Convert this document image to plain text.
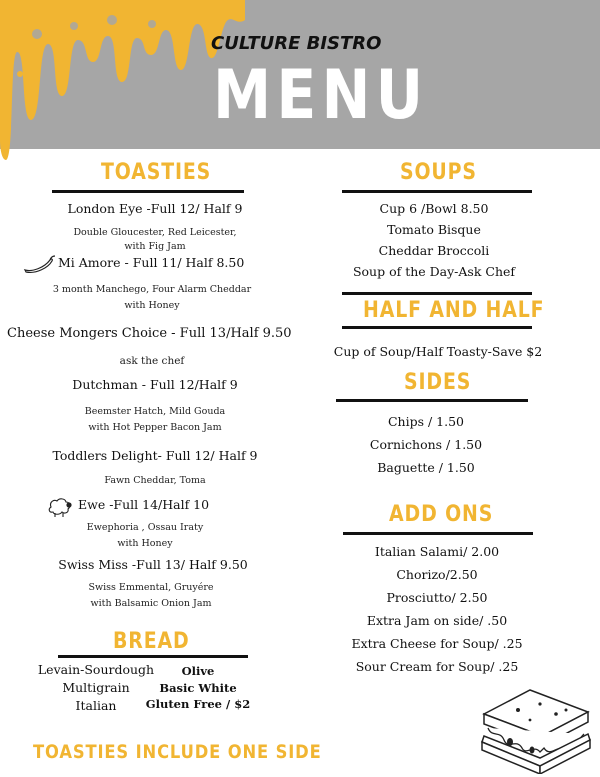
CULTURE BISTRO
MENU
TOASTIES
London Eye -Full 12/ Half 9
Double Gloucester, Red Leicester,
with Fig Jam
Mi Amore - Full 11/ Half 8.50
3 month Manchego, Four Alarm Cheddar
with Honey
Cheese Mongers Choice - Full 13/Half 9.50
ask the chef
Dutchman - Full 12/Half 9
Beemster Hatch, Mild Gouda
with Hot Pepper Bacon Jam
Toddlers Delight- Full 12/ Half 9
Fawn Cheddar, Toma
Ewe -Full 14/Half 10
Ewephoria , Ossau Iraty
with Honey
Swiss Miss -Full 13/ Half 9.50
Swiss Emmental, Gruyére
with Balsamic Onion Jam
BREAD
Levain-Sourdough
Multigrain
Italian
Olive
Basic White
Gluten Free / $2
TOASTIES INCLUDE ONE SIDE
SOUPS
Cup 6 /Bowl 8.50
Tomato Bisque
Cheddar Broccoli
Soup of the Day-Ask Chef
HALF AND HALF
Cup of Soup/Half Toasty-Save $2
SIDES
Chips / 1.50
Cornichons / 1.50
Baguette / 1.50
ADD ONS
Italian Salami/ 2.00
Chorizo/2.50
Prosciutto/ 2.50
Extra Jam on side/ .50
Extra Cheese for Soup/ .25
Sour Cream for Soup/ .25
